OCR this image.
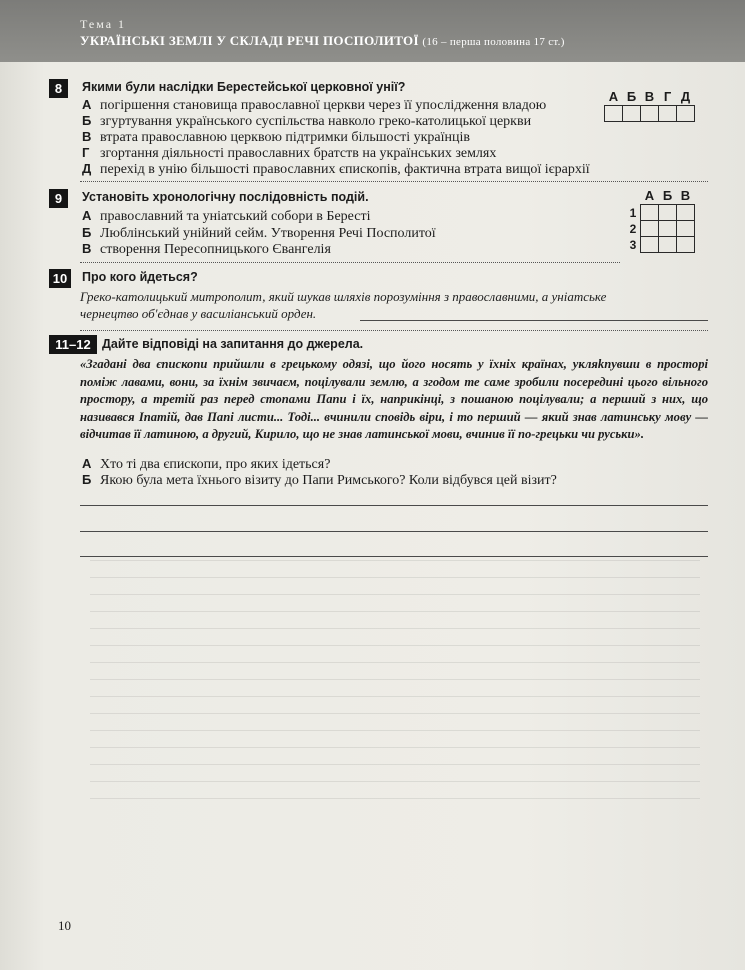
Тема 1
УКРАЇНСЬКІ ЗЕМЛІ У СКЛАДІ РЕЧІ ПОСПОЛИТОЇ (16 – перша половина 17 ст.)
8	Якими були наслідки Берестейської церковної унії?
А погіршення становища православної церкви через її упослідження владою
Б згуртування українського суспільства навколо греко-католицької церкви
В втрата православною церквою підтримки більшості українців
Г згортання діяльності православних братств на українських землях
Д перехід в унію більшості православних єпископів, фактична втрата вищої ієрархії
А	Б	В	Г	Д

9	Установіть хронологічну послідовність подій.
А православний та уніатський собори в Бересті
Б Люблінський унійний сейм. Утворення Речі Посполитої
В створення Пересопницького Євангелія
	А	Б	В
1			
2			
3			
10	Про кого йдеться?
Греко-католицький митрополит, який шукав шляхів порозуміння з православними, а уніатське
чернецтво об'єднав у василіанський орден.
11–12 Дайте відповіді на запитання до джерела.
«Згадані два єпископи прийшли в грецькому одязі, що його носять у їхніх країнах, укляknувши в просторі поміж лавами, вони, за їхнім звичаєм, поцілували землю, а згодом те саме зробили посередині цього вільного простору, а третій раз перед стопами Папи і їх, наприкінці, з пошаною поцілували; а перший з них, що називався Іпатій, дав Папі листи... Тоді... вчинили сповідь віри, і то перший — який знав латинську мову — відчитав її латиною, а другий, Кирило, що не знав латинської мови, вчинив її по-грецьки чи руськи».
А Хто ті два єпископи, про яких ідеться?
Б Якою була мета їхнього візиту до Папи Римського? Коли відбувся цей візит?
10
